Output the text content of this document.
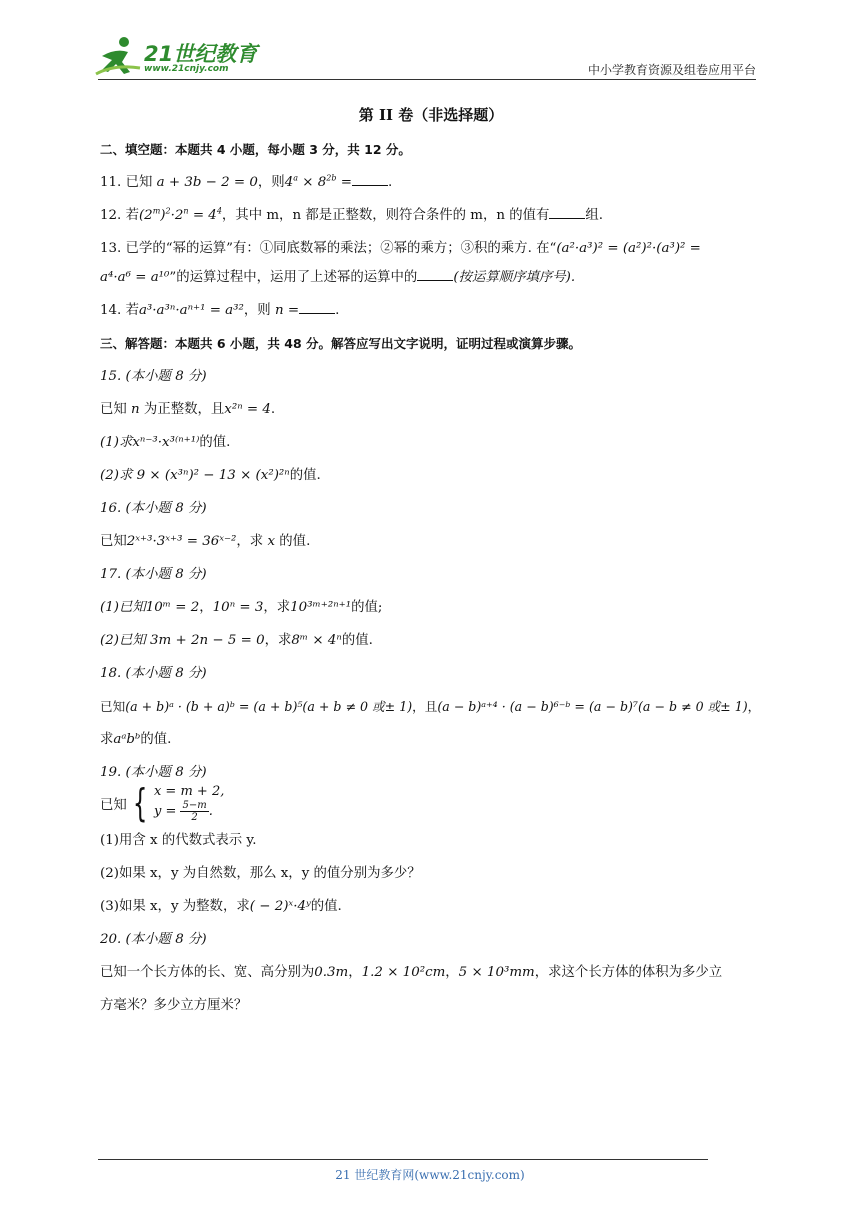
21世纪教育
www.21cnjy.com	中小学教育资源及组卷应用平台

第 II 卷（非选择题）

二、填空题：本题共 4 小题，每小题 3 分，共 12 分。

11. 已知 a + 3b − 2 = 0，则$4^a \times 8^{2b}$ =	.

12. 若$(2^m)^2\cdot 2^n = 4^4$，其中 m，n 都是正整数，则符合条件的 m，n 的值有	组.

13. 已学的“幂的运算”有：①同底数幂的乘法；②幂的乘方；③积的乘方. 在“(a²·a³)² = (a²)²·(a³)² =

a⁴·a⁶ = a¹⁰”的运算过程中，运用了上述幂的运算中的	(按运算顺序填序号).

14. 若a³·a³ⁿ·aⁿ⁺¹ = a³²，则 n =	.

三、解答题：本题共 6 小题，共 48 分。解答应写出文字说明，证明过程或演算步骤。

15. (本小题 8 分)

已知 n 为正整数，且x²ⁿ = 4.

(1)求xⁿ⁻³·x³⁽ⁿ⁺¹⁾的值.

(2)求 9 × (x³ⁿ)² − 13 × (x²)²ⁿ的值.

16. (本小题 8 分)

已知2ˣ⁺³·3ˣ⁺³ = 36ˣ⁻²，求 x 的值.

17. (本小题 8 分)

(1)已知10ᵐ = 2，10ⁿ = 3，求10³ᵐ⁺²ⁿ⁺¹的值;

(2)已知 3m + 2n − 5 = 0，求8ᵐ × 4ⁿ的值.

18. (本小题 8 分)

已知(a + b)ᵃ · (b + a)ᵇ = (a + b)⁵(a + b ≠ 0 或± 1)，且(a − b)ᵃ⁺⁴ · (a − b)⁶⁻ᵇ = (a − b)⁷(a − b ≠ 0 或± 1)，

求aᵃbᵇ的值.

19. (本小题 8 分)

已知 { x = m + 2,
$y = \frac{5-m}{2}$ .

(1)用含 x 的代数式表示 y.

(2)如果 x，y 为自然数，那么 x，y 的值分别为多少？

(3)如果 x，y 为整数，求( − 2)ˣ·4ʸ的值.

20. (本小题 8 分)

已知一个长方体的长、宽、高分别为0.3m，1.2 × 10²cm，5 × 10³mm，求这个长方体的体积为多少立

方毫米？多少立方厘米？

21 世纪教育网(www.21cnjy.com)
